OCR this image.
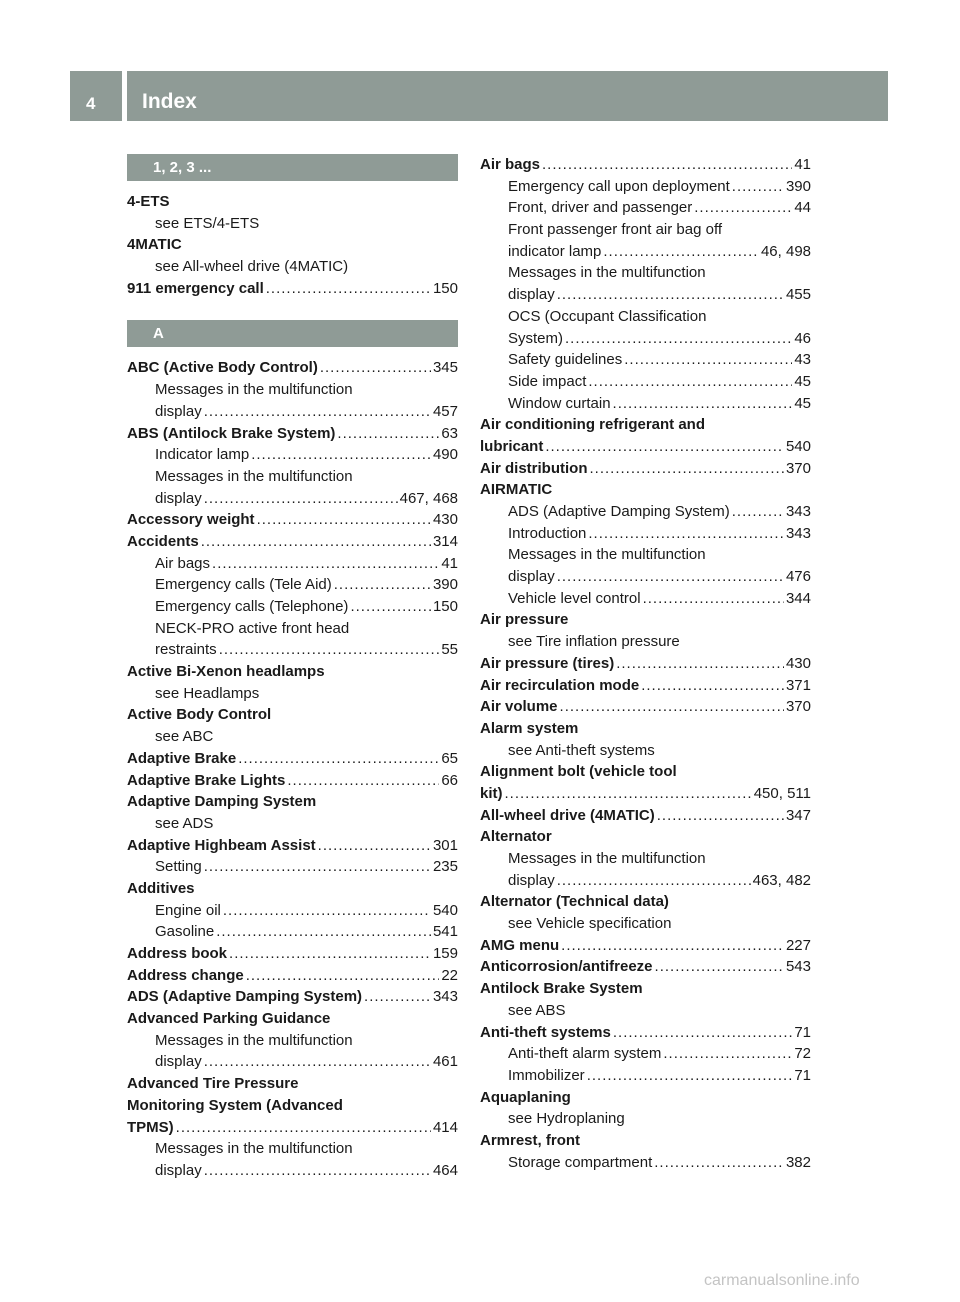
4 Index
1, 2, 3 ...
4-ETS
see ETS/4-ETS
4MATIC
see All-wheel drive (4MATIC)
911 emergency call .....	150
A
ABC (Active Body Control) .....	345
Messages in the multifunction
display .....	457
ABS (Antilock Brake System) .....	63
Indicator lamp .....	490
Messages in the multifunction
display .....	467, 468
Accessory weight .....	430
Accidents .....	314
Air bags .....	41
Emergency calls (Tele Aid) .....	390
Emergency calls (Telephone) .....	150
NECK-PRO active front head
restraints .....	55
Active Bi-Xenon headlamps
see Headlamps
Active Body Control
see ABC
Adaptive Brake .....	65
Adaptive Brake Lights .....	66
Adaptive Damping System
see ADS
Adaptive Highbeam Assist .....	301
Setting .....	235
Additives
Engine oil .....	540
Gasoline .....	541
Address book .....	159
Address change .....	22
ADS (Adaptive Damping System) .....	343
Advanced Parking Guidance
Messages in the multifunction
display .....	461
Advanced Tire Pressure
Monitoring System (Advanced
TPMS) .....	414
Messages in the multifunction
display .....	464
Air bags .....	41
Emergency call upon deployment .....	390
Front, driver and passenger .....	44
Front passenger front air bag off
indicator lamp .....	46, 498
Messages in the multifunction
display .....	455
OCS (Occupant Classification
System) .....	46
Safety guidelines .....	43
Side impact .....	45
Window curtain .....	45
Air conditioning refrigerant and
lubricant .....	540
Air distribution .....	370
AIRMATIC
ADS (Adaptive Damping System) .....	343
Introduction .....	343
Messages in the multifunction
display .....	476
Vehicle level control .....	344
Air pressure
see Tire inflation pressure
Air pressure (tires) .....	430
Air recirculation mode .....	371
Air volume .....	370
Alarm system
see Anti-theft systems
Alignment bolt (vehicle tool
kit) .....	450, 511
All-wheel drive (4MATIC) .....	347
Alternator
Messages in the multifunction
display .....	463, 482
Alternator (Technical data)
see Vehicle specification
AMG menu .....	227
Anticorrosion/antifreeze .....	543
Antilock Brake System
see ABS
Anti-theft systems .....	71
Anti-theft alarm system .....	72
Immobilizer .....	71
Aquaplaning
see Hydroplaning
Armrest, front
Storage compartment .....	382
carmanualsonline.info
